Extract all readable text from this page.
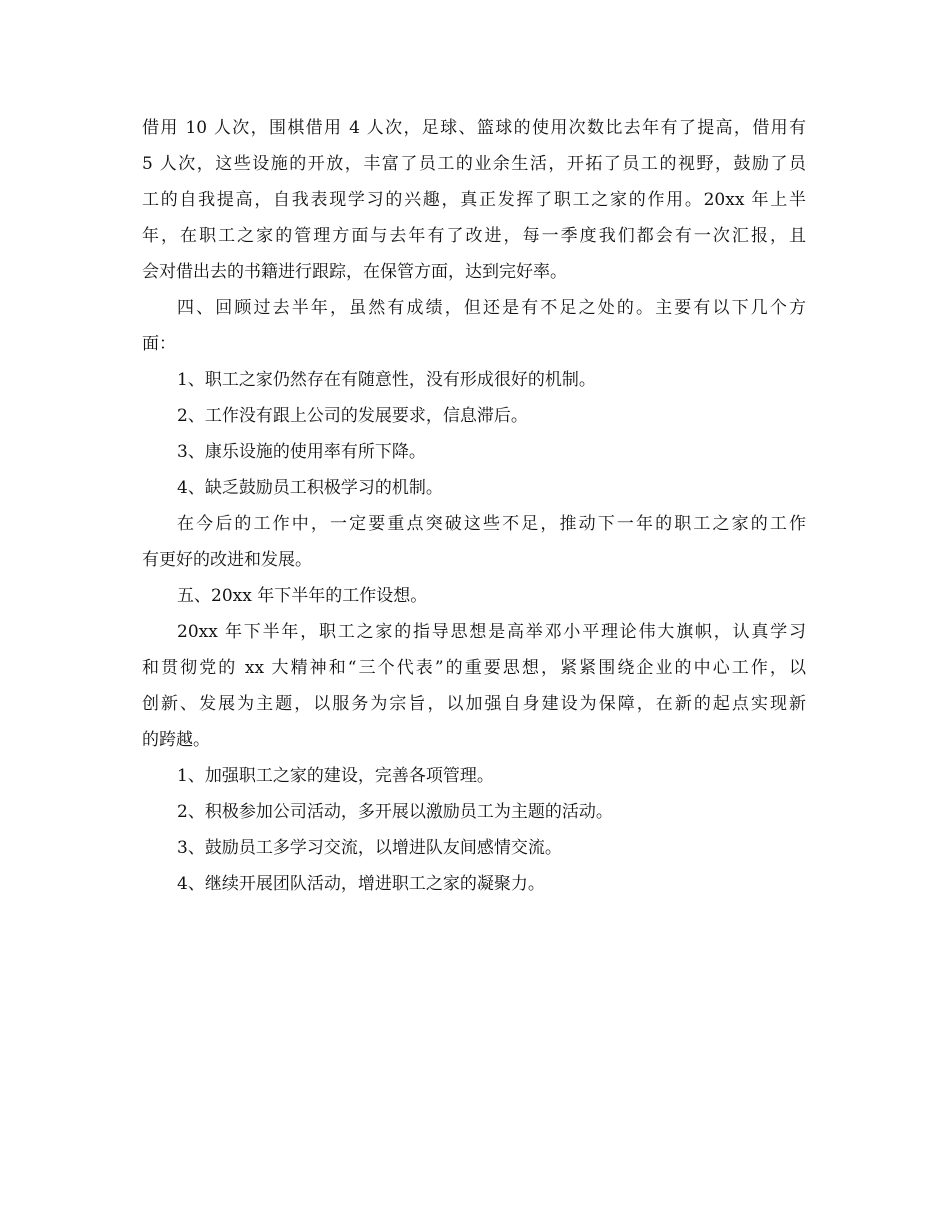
借用 10 人次，围棋借用 4 人次，足球、篮球的使用次数比去年有了提高，借用有
5 人次，这些设施的开放，丰富了员工的业余生活，开拓了员工的视野，鼓励了员
工的自我提高，自我表现学习的兴趣，真正发挥了职工之家的作用。20xx 年上半
年，在职工之家的管理方面与去年有了改进，每一季度我们都会有一次汇报，且
会对借出去的书籍进行跟踪，在保管方面，达到完好率。
四、回顾过去半年，虽然有成绩，但还是有不足之处的。主要有以下几个方
面：
1、职工之家仍然存在有随意性，没有形成很好的机制。
2、工作没有跟上公司的发展要求，信息滞后。
3、康乐设施的使用率有所下降。
4、缺乏鼓励员工积极学习的机制。
在今后的工作中，一定要重点突破这些不足，推动下一年的职工之家的工作
有更好的改进和发展。
五、20xx 年下半年的工作设想。
20xx 年下半年，职工之家的指导思想是高举邓小平理论伟大旗帜，认真学习
和贯彻党的 xx 大精神和“三个代表”的重要思想，紧紧围绕企业的中心工作，以
创新、发展为主题，以服务为宗旨，以加强自身建设为保障，在新的起点实现新
的跨越。
1、加强职工之家的建设，完善各项管理。
2、积极参加公司活动，多开展以激励员工为主题的活动。
3、鼓励员工多学习交流，以增进队友间感情交流。
4、继续开展团队活动，增进职工之家的凝聚力。
